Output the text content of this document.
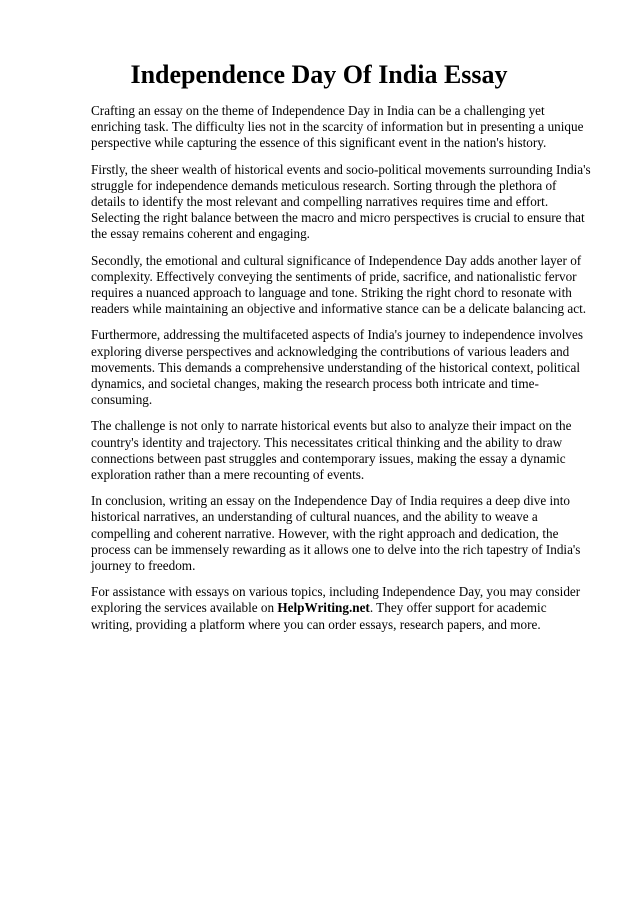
Independence Day Of India Essay

Crafting an essay on the theme of Independence Day in India can be a challenging yet enriching task. The difficulty lies not in the scarcity of information but in presenting a unique perspective while capturing the essence of this significant event in the nation's history.

Firstly, the sheer wealth of historical events and socio-political movements surrounding India's struggle for independence demands meticulous research. Sorting through the plethora of details to identify the most relevant and compelling narratives requires time and effort. Selecting the right balance between the macro and micro perspectives is crucial to ensure that the essay remains coherent and engaging.

Secondly, the emotional and cultural significance of Independence Day adds another layer of complexity. Effectively conveying the sentiments of pride, sacrifice, and nationalistic fervor requires a nuanced approach to language and tone. Striking the right chord to resonate with readers while maintaining an objective and informative stance can be a delicate balancing act.

Furthermore, addressing the multifaceted aspects of India's journey to independence involves exploring diverse perspectives and acknowledging the contributions of various leaders and movements. This demands a comprehensive understanding of the historical context, political dynamics, and societal changes, making the research process both intricate and time-consuming.

The challenge is not only to narrate historical events but also to analyze their impact on the country's identity and trajectory. This necessitates critical thinking and the ability to draw connections between past struggles and contemporary issues, making the essay a dynamic exploration rather than a mere recounting of events.

In conclusion, writing an essay on the Independence Day of India requires a deep dive into historical narratives, an understanding of cultural nuances, and the ability to weave a compelling and coherent narrative. However, with the right approach and dedication, the process can be immensely rewarding as it allows one to delve into the rich tapestry of India's journey to freedom.

For assistance with essays on various topics, including Independence Day, you may consider exploring the services available on HelpWriting.net. They offer support for academic writing, providing a platform where you can order essays, research papers, and more.
